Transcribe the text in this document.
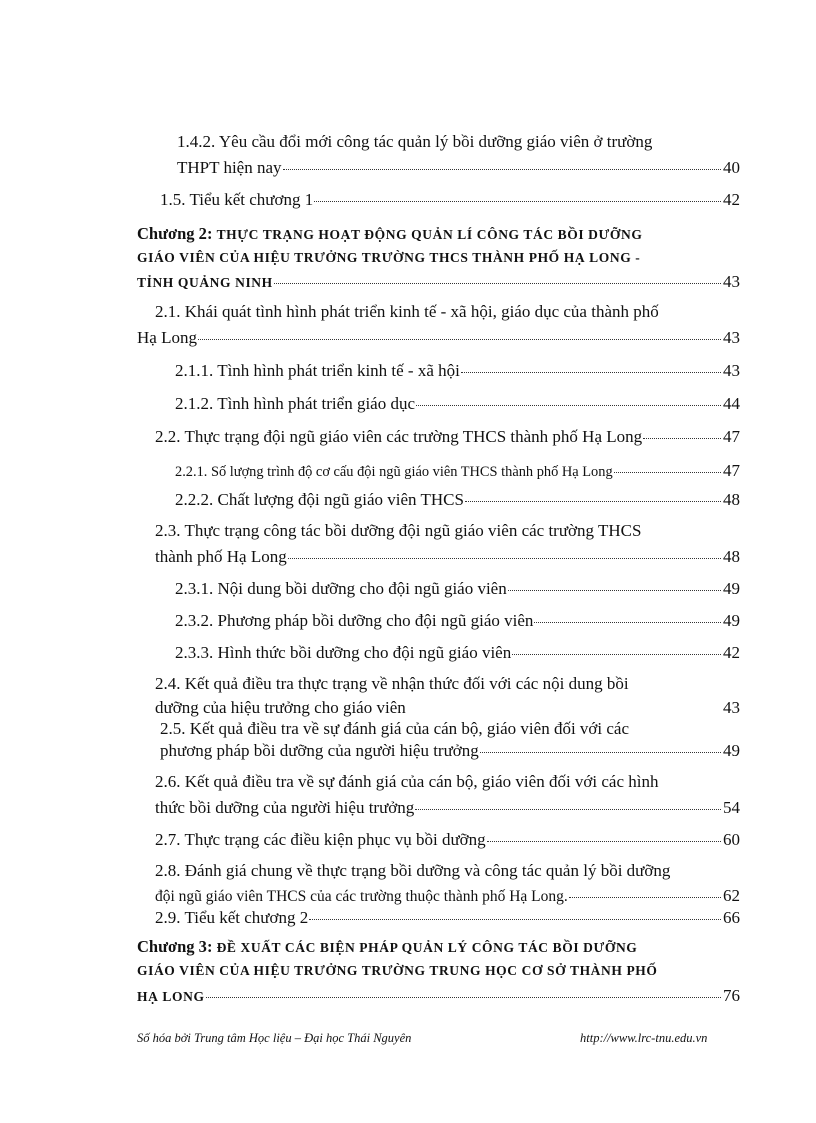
1.4.2. Yêu cầu đổi mới công tác quản lý bồi dưỡng giáo viên ở trường
THPT hiện nay	40
1.5. Tiểu kết chương 1	42
Chương 2: THỰC TRẠNG HOẠT ĐỘNG QUẢN LÍ CÔNG TÁC BỒI DƯỠNG
GIÁO VIÊN CỦA HIỆU TRƯỞNG TRƯỜNG THCS THÀNH PHỐ HẠ LONG -
TỈNH QUẢNG NINH	43
2.1. Khái quát tình hình phát triển kinh tế - xã hội, giáo dục của thành phố
Hạ Long	43
2.1.1. Tình hình phát triển kinh tế - xã hội	43
2.1.2. Tình hình phát triển giáo dục	44
2.2. Thực trạng đội ngũ giáo viên các trường THCS thành phố Hạ Long	47
2.2.1. Số lượng trình độ cơ cấu đội ngũ giáo viên THCS thành phố Hạ Long	47
2.2.2. Chất lượng đội ngũ giáo viên THCS	48
2.3. Thực trạng công tác bồi dưỡng đội ngũ giáo viên các trường THCS
thành phố Hạ Long	48
2.3.1. Nội dung bồi dưỡng cho đội ngũ giáo viên	49
2.3.2. Phương pháp bồi dưỡng cho đội ngũ giáo viên	49
2.3.3. Hình thức bồi dưỡng cho đội ngũ giáo viên	42
2.4. Kết quả điều tra thực trạng về nhận thức đối với các nội dung bồi
dưỡng của hiệu trưởng cho giáo viên	43
2.5. Kết quả điều tra về sự đánh giá của cán bộ, giáo viên đối với các
phương pháp bồi dưỡng của người hiệu trưởng	49
2.6. Kết quả điều tra về sự đánh giá của cán bộ, giáo viên đối với các hình
thức bồi dưỡng của người hiệu trưởng	54
2.7. Thực trạng các điều kiện phục vụ bồi dưỡng	60
2.8. Đánh giá chung về thực trạng bồi dưỡng và công tác quản lý bồi dưỡng
đội ngũ giáo viên THCS của các trường thuộc thành phố Hạ Long.	62
2.9. Tiểu kết chương 2	66
Chương 3: ĐỀ XUẤT CÁC BIỆN PHÁP QUẢN LÝ CÔNG TÁC BỒI DƯỠNG
GIÁO VIÊN CỦA HIỆU TRƯỞNG TRƯỜNG TRUNG HỌC CƠ SỞ THÀNH PHỐ
HẠ LONG	76
Số hóa bởi Trung tâm Học liệu – Đại học Thái Nguyên	http://www.lrc-tnu.edu.vn
